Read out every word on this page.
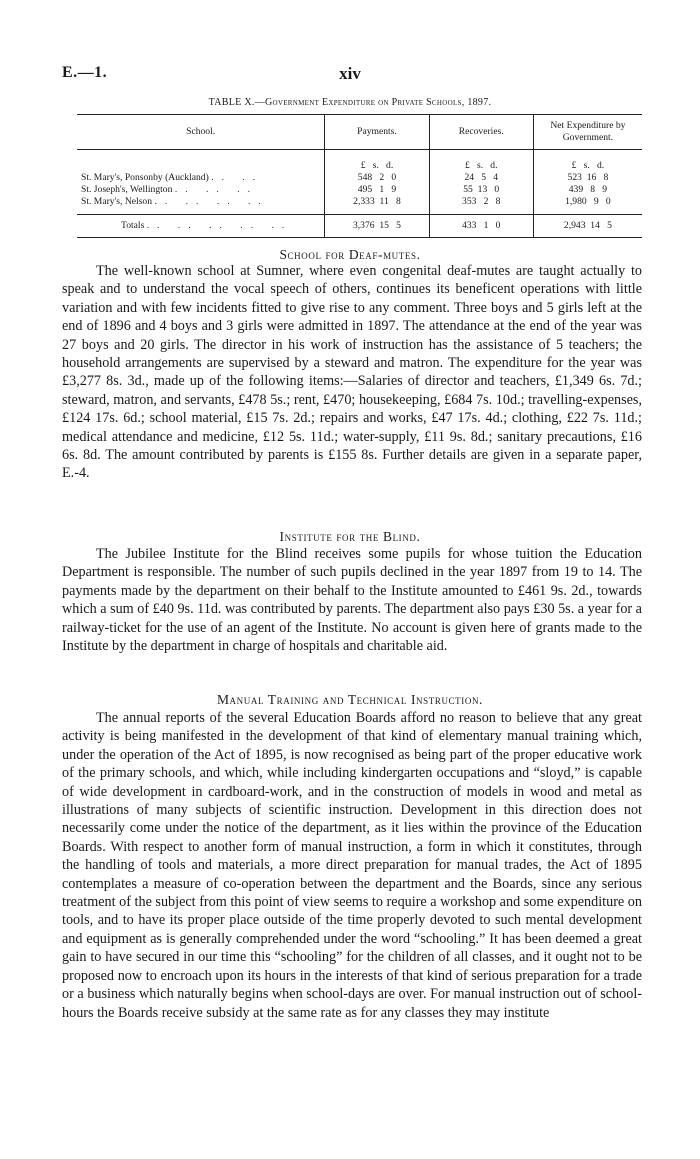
E.—1.	xiv
TABLE X.—Government Expenditure on Private Schools, 1897.
School.	Payments.	Recoveries.	Net Expenditure by Government.
	£   s.   d.	£   s.   d.	£   s.   d.
St. Mary's, Ponsonby (Auckland) .. ..	548   2   0	24   5   4	523  16   8
St. Joseph's, Wellington .. .. ..	495   1   9	55  13   0	439   8   9
St. Mary's, Nelson .. .. .. ..	2,333  11   8	353   2   8	1,980   9   0
Totals .. .. .. .. ..	3,376  15   5	433   1   0	2,943  14   5
School for Deaf-mutes.

The well-known school at Sumner, where even congenital deaf-mutes are taught actually to speak and to understand the vocal speech of others, continues its beneficent operations with little variation and with few incidents fitted to give rise to any comment. Three boys and 5 girls left at the end of 1896 and 4 boys and 3 girls were admitted in 1897. The attendance at the end of the year was 27 boys and 20 girls. The director in his work of instruction has the assistance of 5 teachers; the household arrangements are supervised by a steward and matron. The expenditure for the year was £3,277 8s. 3d., made up of the following items:—Salaries of director and teachers, £1,349 6s. 7d.; steward, matron, and servants, £478 5s.; rent, £470; housekeeping, £684 7s. 10d.; travelling-expenses, £124 17s. 6d.; school material, £15 7s. 2d.; repairs and works, £47 17s. 4d.; clothing, £22 7s. 11d.; medical attendance and medicine, £12 5s. 11d.; water-supply, £11 9s. 8d.; sanitary precautions, £16 6s. 8d. The amount contributed by parents is £155 8s. Further details are given in a separate paper, E.-4.

Institute for the Blind.

The Jubilee Institute for the Blind receives some pupils for whose tuition the Education Department is responsible. The number of such pupils declined in the year 1897 from 19 to 14. The payments made by the department on their behalf to the Institute amounted to £461 9s. 2d., towards which a sum of £40 9s. 11d. was contributed by parents. The department also pays £30 5s. a year for a railway-ticket for the use of an agent of the Institute. No account is given here of grants made to the Institute by the department in charge of hospitals and charitable aid.

Manual Training and Technical Instruction.

The annual reports of the several Education Boards afford no reason to believe that any great activity is being manifested in the development of that kind of elementary manual training which, under the operation of the Act of 1895, is now recognised as being part of the proper educative work of the primary schools, and which, while including kindergarten occupations and “sloyd,” is capable of wide development in cardboard-work, and in the construction of models in wood and metal as illustrations of many subjects of scientific instruction. Development in this direction does not necessarily come under the notice of the department, as it lies within the province of the Education Boards. With respect to another form of manual instruction, a form in which it constitutes, through the handling of tools and materials, a more direct preparation for manual trades, the Act of 1895 contemplates a measure of co-operation between the department and the Boards, since any serious treatment of the subject from this point of view seems to require a workshop and some expenditure on tools, and to have its proper place outside of the time properly devoted to such mental development and equipment as is generally comprehended under the word “schooling.” It has been deemed a great gain to have secured in our time this “schooling” for the children of all classes, and it ought not to be proposed now to encroach upon its hours in the interests of that kind of serious preparation for a trade or a business which naturally begins when school-days are over. For manual instruction out of school-hours the Boards receive subsidy at the same rate as for any classes they may institute
